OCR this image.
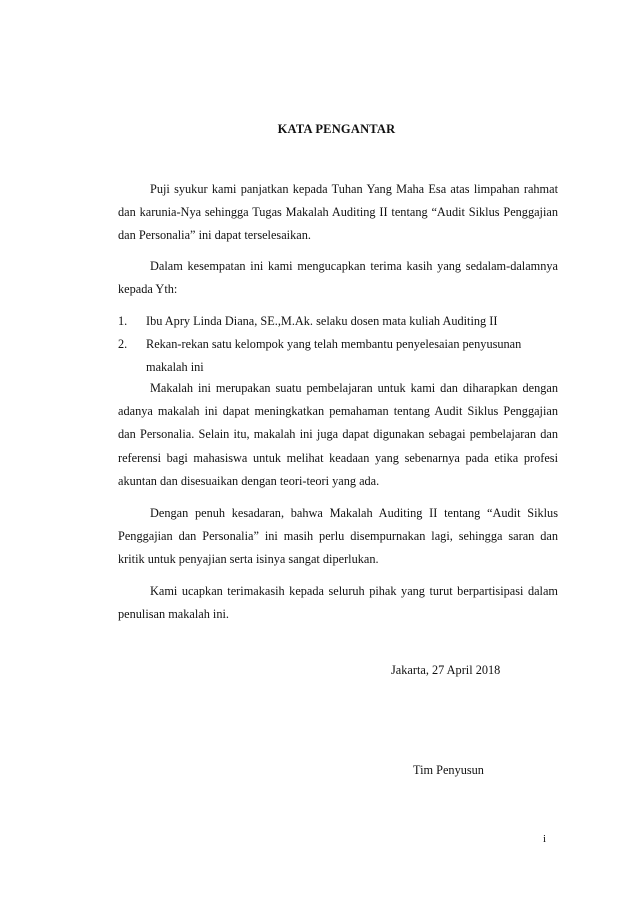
KATA PENGANTAR

Puji syukur kami panjatkan kepada Tuhan Yang Maha Esa atas limpahan rahmat dan karunia-Nya sehingga Tugas Makalah Auditing II tentang “Audit Siklus Penggajian dan Personalia” ini dapat terselesaikan.

Dalam kesempatan ini kami mengucapkan terima kasih yang sedalam-dalamnya kepada Yth:

1. Ibu Apry Linda Diana, SE.,M.Ak. selaku dosen mata kuliah Auditing II

2. Rekan-rekan satu kelompok yang telah membantu penyelesaian penyusunan makalah ini

Makalah ini merupakan suatu pembelajaran untuk kami dan diharapkan dengan adanya makalah ini dapat meningkatkan pemahaman tentang Audit Siklus Penggajian dan Personalia. Selain itu, makalah ini juga dapat digunakan sebagai pembelajaran dan referensi bagi mahasiswa untuk melihat keadaan yang sebenarnya pada etika profesi akuntan dan disesuaikan dengan teori-teori yang ada.

Dengan penuh kesadaran, bahwa Makalah Auditing II tentang “Audit Siklus Penggajian dan Personalia” ini masih perlu disempurnakan lagi, sehingga saran dan kritik untuk penyajian serta isinya sangat diperlukan.

Kami ucapkan terimakasih kepada seluruh pihak yang turut berpartisipasi dalam penulisan makalah ini.

Jakarta, 27 April 2018
Tim Penyusun
i
